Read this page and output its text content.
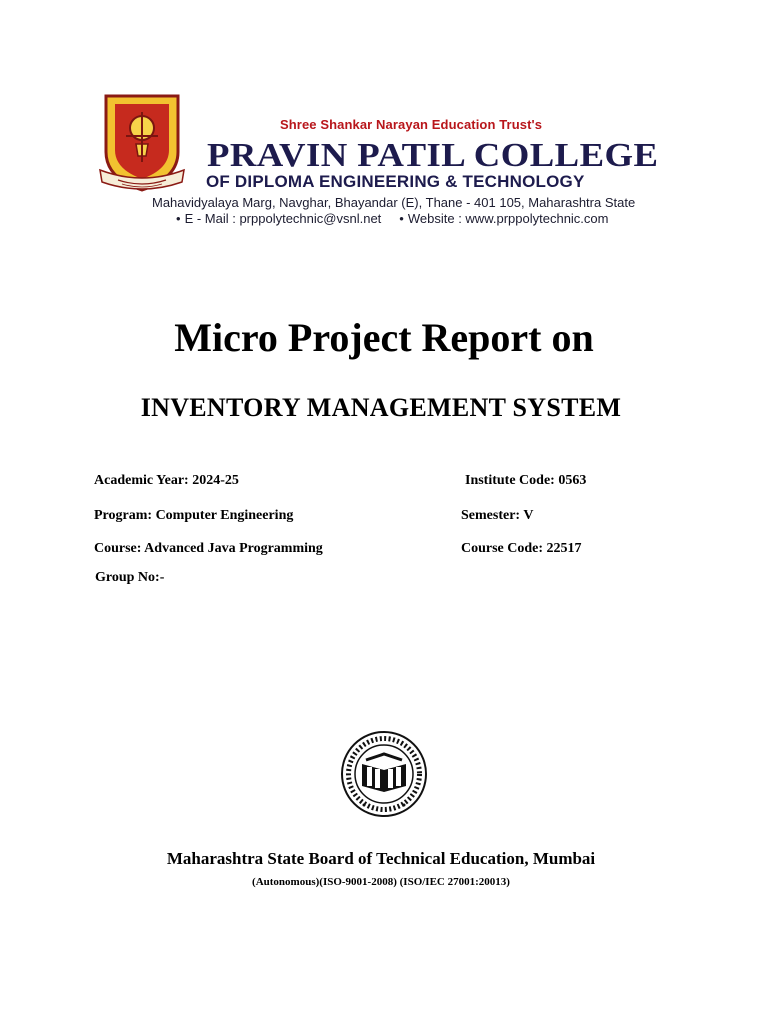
Shree Shankar Narayan Education Trust's
PRAVIN PATIL COLLEGE
OF DIPLOMA ENGINEERING & TECHNOLOGY
Mahavidyalaya Marg, Navghar, Bhayandar (E), Thane - 401 105, Maharashtra State
• E - Mail : prppolytechnic@vsnl.net • Website : www.prppolytechnic.com
Micro Project Report on
INVENTORY MANAGEMENT SYSTEM
Academic Year: 2024-25	Institute Code: 0563
Program: Computer Engineering	Semester: V
Course: Advanced Java Programming	Course Code: 22517
Group No:-
Maharashtra State Board of Technical Education, Mumbai
(Autonomous)(ISO-9001-2008) (ISO/IEC 27001:20013)
